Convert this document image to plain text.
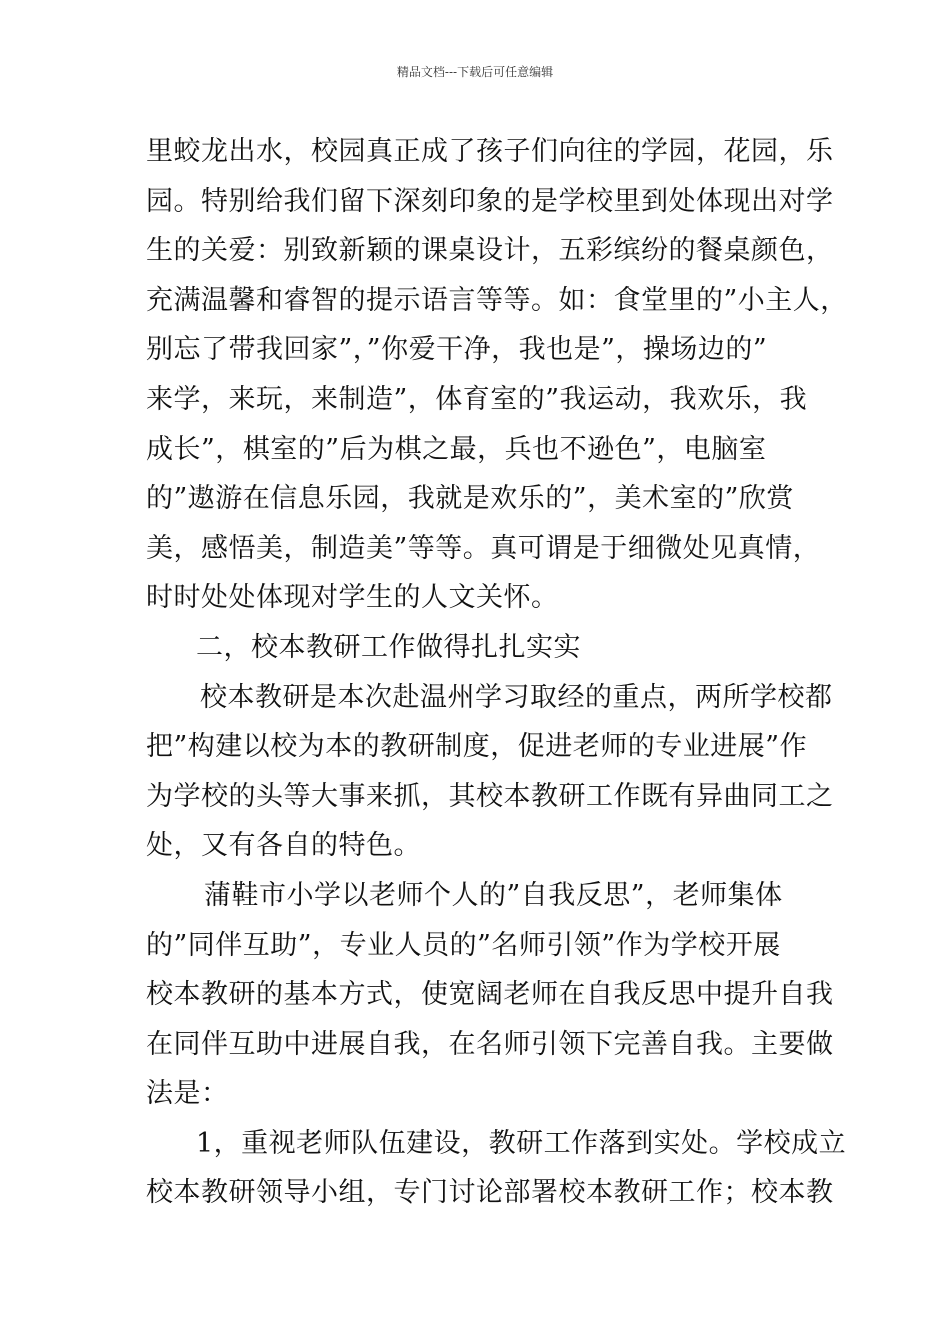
精品文档---下载后可任意编辑
里蛟龙出水，校园真正成了孩子们向往的学园，花园，乐
园。特别给我们留下深刻印象的是学校里到处体现出对学
生的关爱：别致新颖的课桌设计，五彩缤纷的餐桌颜色，
充满温馨和睿智的提示语言等等。如：食堂里的”小主人，
别忘了带我回家”，”你爱干净，我也是”，操场边的”
来学，来玩，来制造”，体育室的”我运动，我欢乐，我
成长”，棋室的”后为棋之最，兵也不逊色”，电脑室
的”遨游在信息乐园，我就是欢乐的”，美术室的”欣赏
美，感悟美，制造美”等等。真可谓是于细微处见真情，
时时处处体现对学生的人文关怀。
二，校本教研工作做得扎扎实实
校本教研是本次赴温州学习取经的重点，两所学校都
把”构建以校为本的教研制度，促进老师的专业进展”作
为学校的头等大事来抓，其校本教研工作既有异曲同工之
处，又有各自的特色。
蒲鞋市小学以老师个人的”自我反思”，老师集体
的”同伴互助”，专业人员的”名师引领”作为学校开展
校本教研的基本方式，使宽阔老师在自我反思中提升自我
在同伴互助中进展自我，在名师引领下完善自我。主要做
法是：
1，重视老师队伍建设，教研工作落到实处。学校成立
校本教研领导小组，专门讨论部署校本教研工作；校本教
